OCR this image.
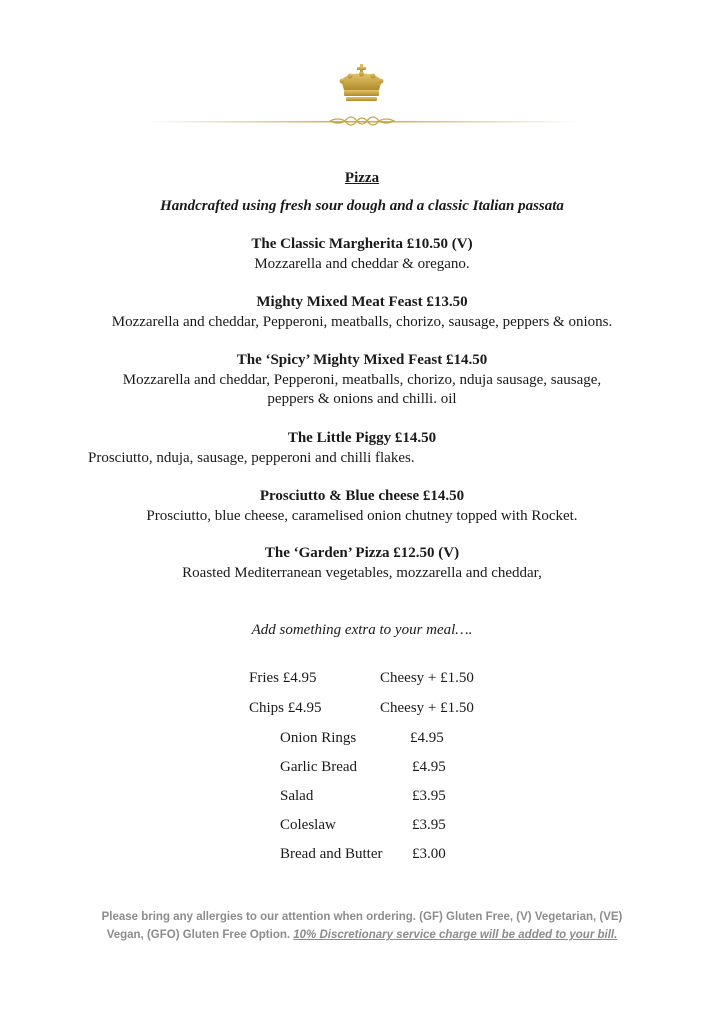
Pizza
Handcrafted using fresh sour dough and a classic Italian passata
The Classic Margherita £10.50 (V)
Mozzarella and cheddar & oregano.
Mighty Mixed Meat Feast £13.50
Mozzarella and cheddar, Pepperoni, meatballs, chorizo, sausage, peppers & onions.
The ‘Spicy’ Mighty Mixed Feast £14.50
Mozzarella and cheddar, Pepperoni, meatballs, chorizo, nduja sausage, sausage,
peppers & onions and chilli. oil
The Little Piggy £14.50
Prosciutto, nduja, sausage, pepperoni and chilli flakes.
Prosciutto & Blue cheese £14.50
Prosciutto, blue cheese, caramelised onion chutney topped with Rocket.
The ‘Garden’ Pizza £12.50 (V)
Roasted Mediterranean vegetables, mozzarella and cheddar,
Add something extra to your meal….
Fries £4.95	Cheesy + £1.50
Chips £4.95	Cheesy + £1.50
Onion Rings	£4.95
Garlic Bread	£4.95
Salad	£3.95
Coleslaw	£3.95
Bread and Butter £3.00
Please bring any allergies to our attention when ordering. (GF) Gluten Free, (V) Vegetarian, (VE)
Vegan, (GFO) Gluten Free Option. 10% Discretionary service charge will be added to your bill.
